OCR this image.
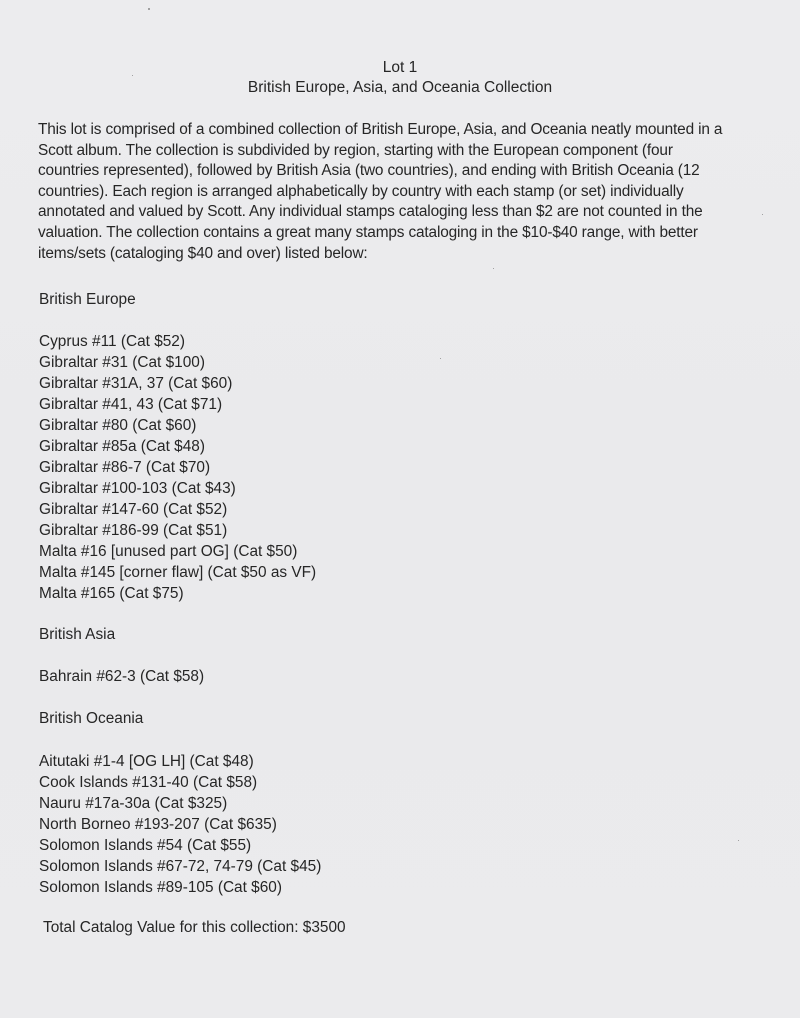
Lot 1
British Europe, Asia, and Oceania Collection
This lot is comprised of a combined collection of British Europe, Asia, and Oceania neatly mounted in a
Scott album. The collection is subdivided by region, starting with the European component (four
countries represented), followed by British Asia (two countries), and ending with British Oceania (12
countries). Each region is arranged alphabetically by country with each stamp (or set) individually
annotated and valued by Scott. Any individual stamps cataloging less than $2 are not counted in the
valuation. The collection contains a great many stamps cataloging in the $10-$40 range, with better
items/sets (cataloging $40 and over) listed below:
British Europe
Cyprus #11 (Cat $52)
Gibraltar #31 (Cat $100)
Gibraltar #31A, 37 (Cat $60)
Gibraltar #41, 43 (Cat $71)
Gibraltar #80 (Cat $60)
Gibraltar #85a (Cat $48)
Gibraltar #86-7 (Cat $70)
Gibraltar #100-103 (Cat $43)
Gibraltar #147-60 (Cat $52)
Gibraltar #186-99 (Cat $51)
Malta #16 [unused part OG] (Cat $50)
Malta #145 [corner flaw] (Cat $50 as VF)
Malta #165 (Cat $75)
British Asia
Bahrain #62-3 (Cat $58)
British Oceania
Aitutaki #1-4 [OG LH] (Cat $48)
Cook Islands #131-40 (Cat $58)
Nauru #17a-30a (Cat $325)
North Borneo #193-207 (Cat $635)
Solomon Islands #54 (Cat $55)
Solomon Islands #67-72, 74-79 (Cat $45)
Solomon Islands #89-105 (Cat $60)
Total Catalog Value for this collection: $3500
